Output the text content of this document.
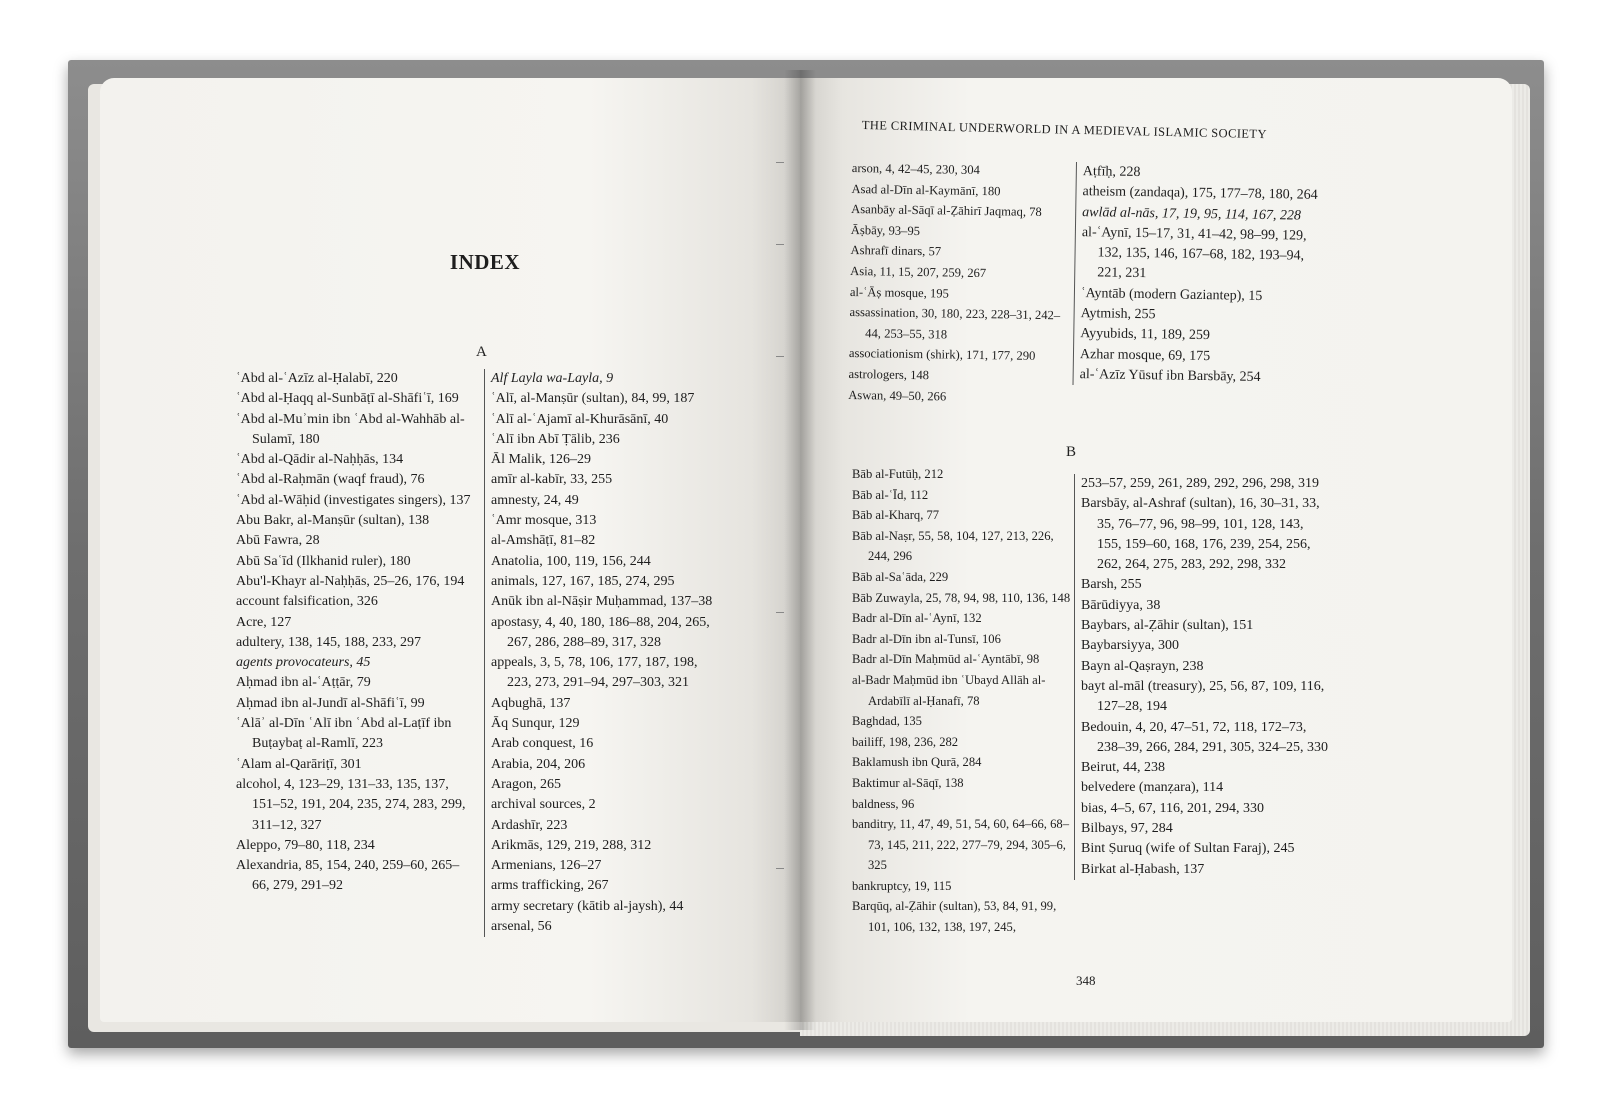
INDEX
A
ʿAbd al-ʿAzīz al-Ḥalabī, 220
ʿAbd al-Ḥaqq al-Sunbāṭī al-Shāfiʿī, 169
ʿAbd al-Muʾmin ibn ʿAbd al-Wahhāb al-Sulamī, 180
ʿAbd al-Qādir al-Naḥḥās, 134
ʿAbd al-Raḥmān (waqf fraud), 76
ʿAbd al-Wāḥid (investigates singers), 137
Abu Bakr, al-Manṣūr (sultan), 138
Abū Fawra, 28
Abū Saʿīd (Ilkhanid ruler), 180
Abu'l-Khayr al-Naḥḥās, 25–26, 176, 194
account falsification, 326
Acre, 127
adultery, 138, 145, 188, 233, 297
agents provocateurs, 45
Aḥmad ibn al-ʿAṭṭār, 79
Aḥmad ibn al-Jundī al-Shāfiʿī, 99
ʿAlāʾ al-Dīn ʿAlī ibn ʿAbd al-Laṭīf ibn Buṭaybaṭ al-Ramlī, 223
ʿAlam al-Qarāriṭī, 301
alcohol, 4, 123–29, 131–33, 135, 137, 151–52, 191, 204, 235, 274, 283, 299, 311–12, 327
Aleppo, 79–80, 118, 234
Alexandria, 85, 154, 240, 259–60, 265–66, 279, 291–92
Alf Layla wa-Layla, 9
ʿAlī, al-Manṣūr (sultan), 84, 99, 187
ʿAlī al-ʿAjamī al-Khurāsānī, 40
ʿAlī ibn Abī Ṭālib, 236
Āl Malik, 126–29
amīr al-kabīr, 33, 255
amnesty, 24, 49
ʿAmr mosque, 313
al-Amshāṭī, 81–82
Anatolia, 100, 119, 156, 244
animals, 127, 167, 185, 274, 295
Anūk ibn al-Nāṣir Muḥammad, 137–38
apostasy, 4, 40, 180, 186–88, 204, 265, 267, 286, 288–89, 317, 328
appeals, 3, 5, 78, 106, 177, 187, 198, 223, 273, 291–94, 297–303, 321
Aqbughā, 137
Āq Sunqur, 129
Arab conquest, 16
Arabia, 204, 206
Aragon, 265
archival sources, 2
Ardashīr, 223
Arikmās, 129, 219, 288, 312
Armenians, 126–27
arms trafficking, 267
army secretary (kātib al-jaysh), 44
arsenal, 56
THE CRIMINAL UNDERWORLD IN A MEDIEVAL ISLAMIC SOCIETY
arson, 4, 42–45, 230, 304
Asad al-Dīn al-Kaymānī, 180
Asanbāy al-Sāqī al-Ẓāhirī Jaqmaq, 78
Āṣbāy, 93–95
Ashrafī dinars, 57
Asia, 11, 15, 207, 259, 267
al-ʿĀṣ mosque, 195
assassination, 30, 180, 223, 228–31, 242–44, 253–55, 318
associationism (shirk), 171, 177, 290
astrologers, 148
Aswan, 49–50, 266
Aṭfīḥ, 228
atheism (zandaqa), 175, 177–78, 180, 264
awlād al-nās, 17, 19, 95, 114, 167, 228
al-ʿAynī, 15–17, 31, 41–42, 98–99, 129, 132, 135, 146, 167–68, 182, 193–94, 221, 231
ʿAyntāb (modern Gaziantep), 15
Aytmish, 255
Ayyubids, 11, 189, 259
Azhar mosque, 69, 175
al-ʿAzīz Yūsuf ibn Barsbāy, 254
B
Bāb al-Futūḥ, 212
Bāb al-ʿĪd, 112
Bāb al-Kharq, 77
Bāb al-Naṣr, 55, 58, 104, 127, 213, 226, 244, 296
Bāb al-Saʿāda, 229
Bāb Zuwayla, 25, 78, 94, 98, 110, 136, 148
Badr al-Dīn al-ʿAynī, 132
Badr al-Dīn ibn al-Tunsī, 106
Badr al-Dīn Maḥmūd al-ʿAyntābī, 98
al-Badr Maḥmūd ibn ʿUbayd Allāh al-Ardabīlī al-Ḥanafī, 78
Baghdad, 135
bailiff, 198, 236, 282
Baklamush ibn Qurā, 284
Baktimur al-Sāqī, 138
baldness, 96
banditry, 11, 47, 49, 51, 54, 60, 64–66, 68–73, 145, 211, 222, 277–79, 294, 305–6, 325
bankruptcy, 19, 115
Barqūq, al-Ẓāhir (sultan), 53, 84, 91, 99, 101, 106, 132, 138, 197, 245,
253–57, 259, 261, 289, 292, 296, 298, 319
Barsbāy, al-Ashraf (sultan), 16, 30–31, 33, 35, 76–77, 96, 98–99, 101, 128, 143, 155, 159–60, 168, 176, 239, 254, 256, 262, 264, 275, 283, 292, 298, 332
Barsh, 255
Bārūdiyya, 38
Baybars, al-Ẓāhir (sultan), 151
Baybarsiyya, 300
Bayn al-Qaṣrayn, 238
bayt al-māl (treasury), 25, 56, 87, 109, 116, 127–28, 194
Bedouin, 4, 20, 47–51, 72, 118, 172–73, 238–39, 266, 284, 291, 305, 324–25, 330
Beirut, 44, 238
belvedere (manẓara), 114
bias, 4–5, 67, 116, 201, 294, 330
Bilbays, 97, 284
Bint Ṣuruq (wife of Sultan Faraj), 245
Birkat al-Ḥabash, 137
348
